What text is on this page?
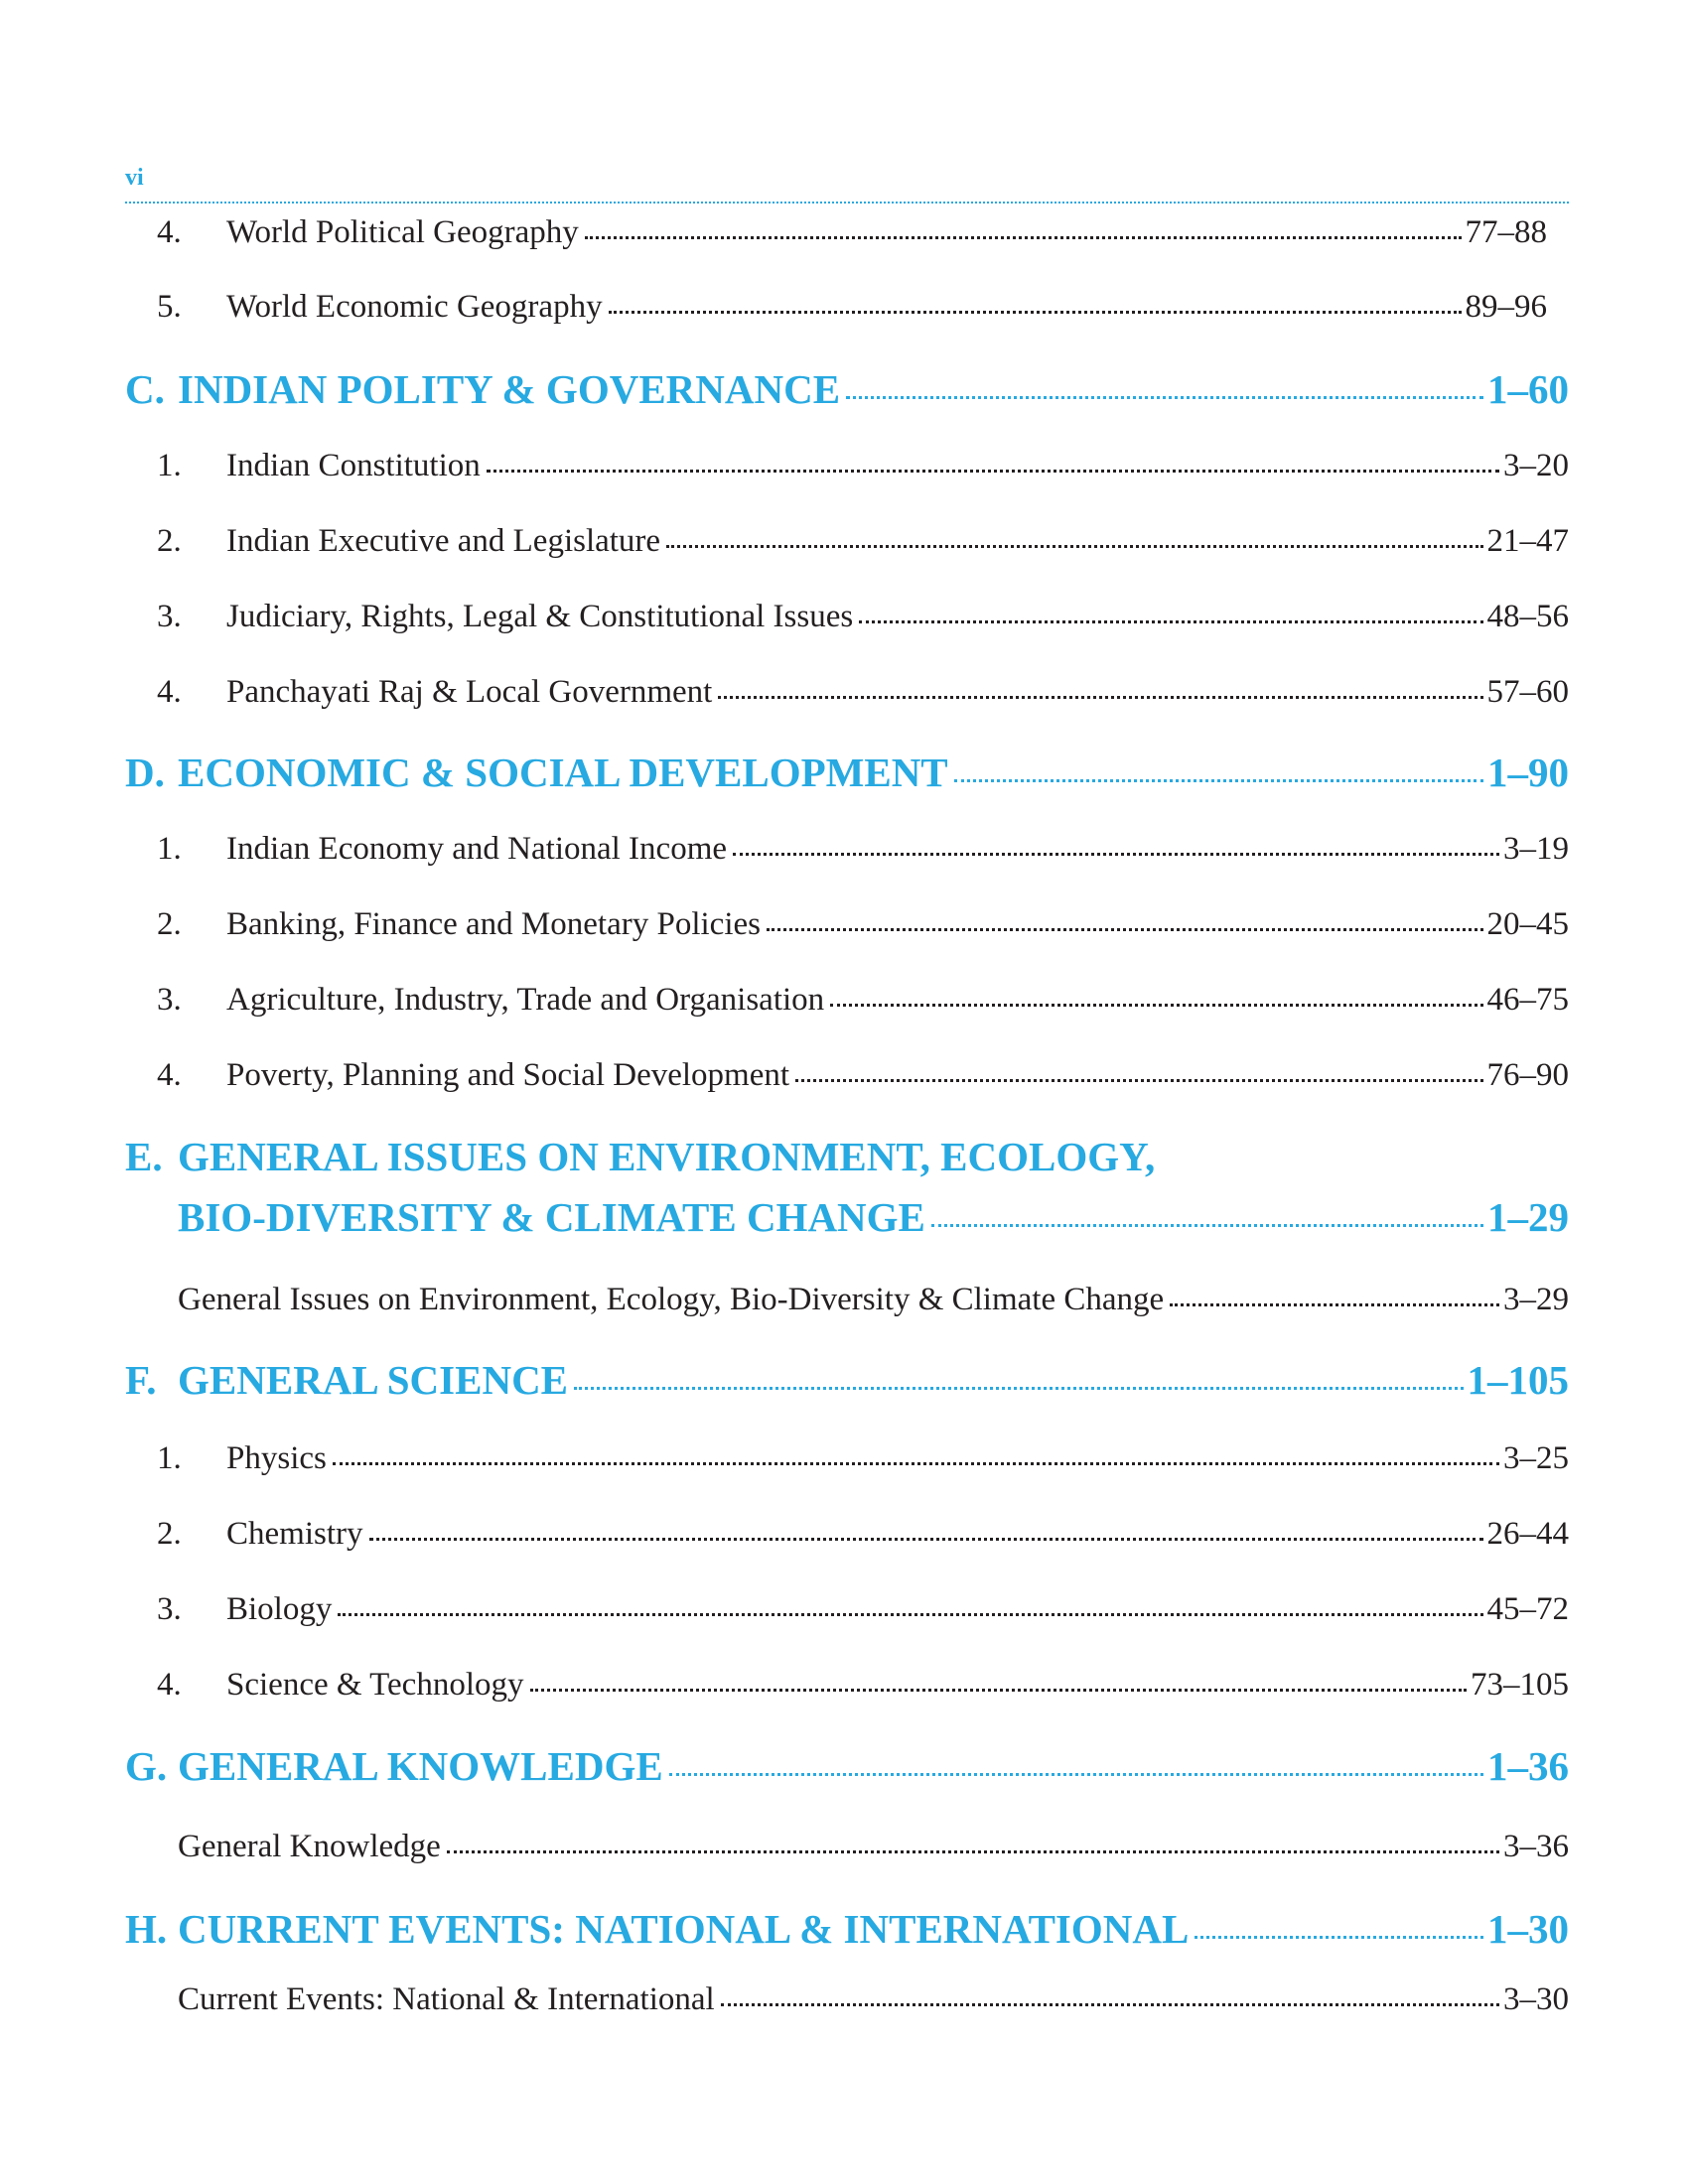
vi
4.	World Political Geography	77–88
5.	World Economic Geography	89–96
C. INDIAN POLITY & GOVERNANCE	1–60
1.	Indian Constitution	3–20
2.	Indian Executive and Legislature	21–47
3.	Judiciary, Rights, Legal & Constitutional Issues	48–56
4.	Panchayati Raj & Local Government	57–60
D. ECONOMIC & SOCIAL DEVELOPMENT	1–90
1.	Indian Economy and National Income	3–19
2.	Banking, Finance and Monetary Policies	20–45
3.	Agriculture, Industry, Trade and Organisation	46–75
4.	Poverty, Planning and Social Development	76–90
E. GENERAL ISSUES ON ENVIRONMENT, ECOLOGY,
BIO-DIVERSITY & CLIMATE CHANGE	1–29
General Issues on Environment, Ecology, Bio-Diversity & Climate Change	3–29
F. GENERAL SCIENCE	1–105
1.	Physics	3–25
2.	Chemistry	26–44
3.	Biology	45–72
4.	Science & Technology	73–105
G. GENERAL KNOWLEDGE	1–36
General Knowledge	3–36
H. CURRENT EVENTS: NATIONAL & INTERNATIONAL	1–30
Current Events: National & International	3–30
